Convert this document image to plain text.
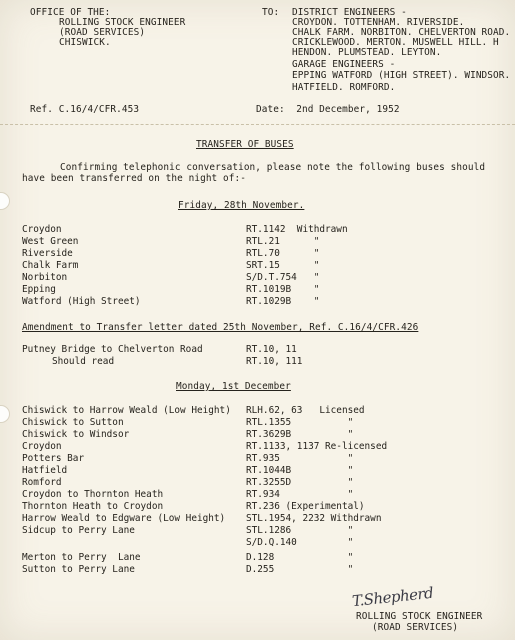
OFFICE OF THE:
ROLLING STOCK ENGINEER
(ROAD SERVICES)
CHISWICK.
TO: DISTRICT ENGINEERS -
CROYDON. TOTTENHAM. RIVERSIDE.
CHALK FARM. NORBITON. CHELVERTON ROAD.
CRICKLEWOOD. MERTON. MUSWELL HILL. H
HENDON. PLUMSTEAD. LEYTON.
GARAGE ENGINEERS -
EPPING WATFORD (HIGH STREET). WINDSOR.
HATFIELD. ROMFORD.
Ref. C.16/4/CFR.453	Date:  2nd December, 1952
TRANSFER OF BUSES
Confirming telephonic conversation, please note the following buses should
have been transferred on the night of:-
Friday, 28th November.
Croydon	RT.1142  Withdrawn
West Green	RTL.21      "
Riverside	RTL.70      "
Chalk Farm	SRT.15      "
Norbiton	S/D.T.754   "
Epping	RT.1019B    "
Watford (High Street)	RT.1029B    "
Amendment to Transfer letter dated 25th November, Ref. C.16/4/CFR.426
Putney Bridge to Chelverton Road	RT.10, 11
Should read	RT.10, 111
Monday, 1st December
Chiswick to Harrow Weald (Low Height) RLH.62, 63   Licensed
Chiswick to Sutton	RTL.1355          "
Chiswick to Windsor	RT.3629B          "
Croydon	RT.1133, 1137 Re-licensed
Potters Bar	RT.935            "
Hatfield	RT.1044B          "
Romford	RT.3255D          "
Croydon to Thornton Heath	RT.934            "
Thornton Heath to Croydon	RT.236 (Experimental)
Harrow Weald to Edgware (Low Height) STL.1954, 2232 Withdrawn
Sidcup to Perry Lane	STL.1286          "
S/D.Q.140         "
Merton to Perry  Lane	D.128             "
Sutton to Perry Lane	D.255             "
T.Shepherd
ROLLING STOCK ENGINEER
(ROAD SERVICES)
